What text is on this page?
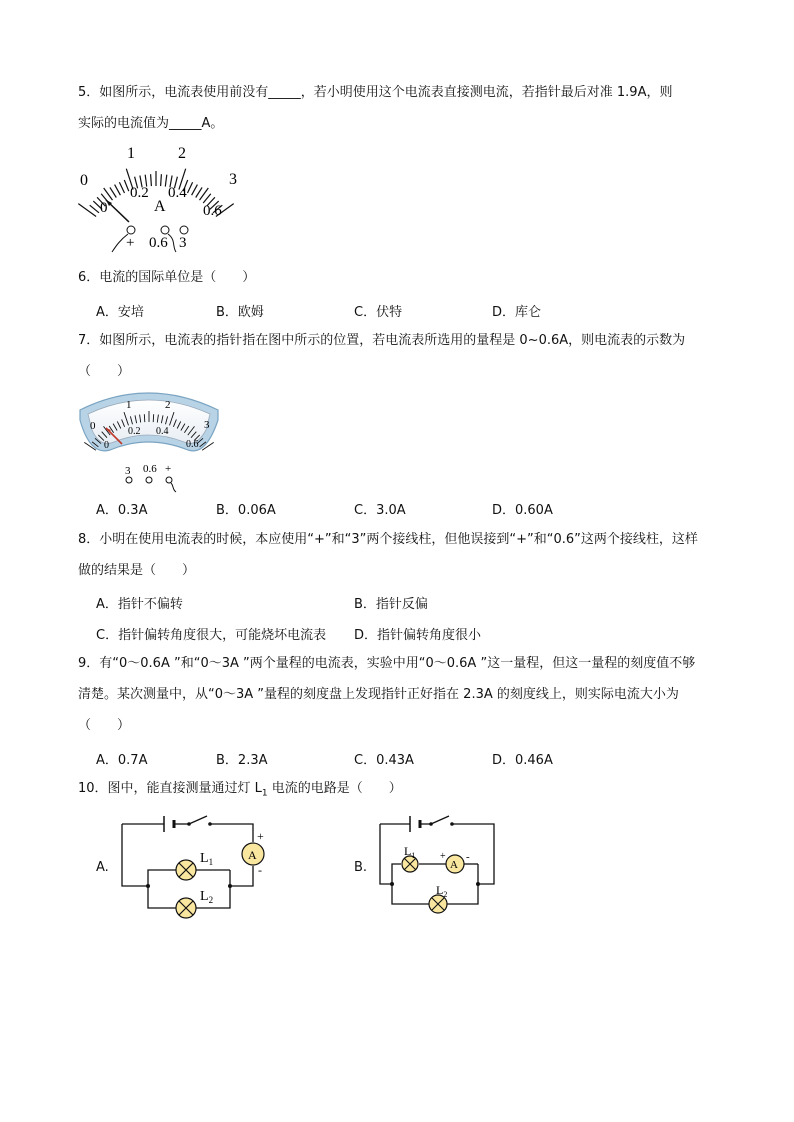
5．如图所示，电流表使用前没有_____，若小明使用这个电流表直接测电流，若指针最后对准 1.9A，则
实际的电流值为_____A。
0
1	2
3
0
0.2 0.4
0.6
A
+ 0.6 3
6．电流的国际单位是（　　）
A．安培	B．欧姆	C．伏特	D．库仑
7．如图所示，电流表的指针指在图中所示的位置，若电流表所选用的量程是 0~0.6A，则电流表的示数为
（　　）
0
1	2
3
0
0.2 0.4
0.6
3 0.6 +
A．0.3A	B．0.06A	C．3.0A	D．0.60A
8．小明在使用电流表的时候，本应使用“+”和“3”两个接线柱，但他误接到“+”和“0.6”这两个接线柱，这样
做的结果是（　　）
A．指针不偏转	B．指针反偏
C．指针偏转角度很大，可能烧坏电流表 D．指针偏转角度很小
9．有“0～0.6A ”和“0～3A ”两个量程的电流表，实验中用“0～0.6A ”这一量程，但这一量程的刻度值不够
清楚。某次测量中，从“0～3A ”量程的刻度盘上发现指针正好指在 2.3A 的刻度线上，则实际电流大小为
（　　）
A．0.7A	B．2.3A	C．0.43A	D．0.46A
10．图中，能直接测量通过灯 $L_1$ 电流的电路是（　　）
A.
A
+
-
$L_1$
$L_2$
B.
$L_1$
A
+ -
$L_2$
